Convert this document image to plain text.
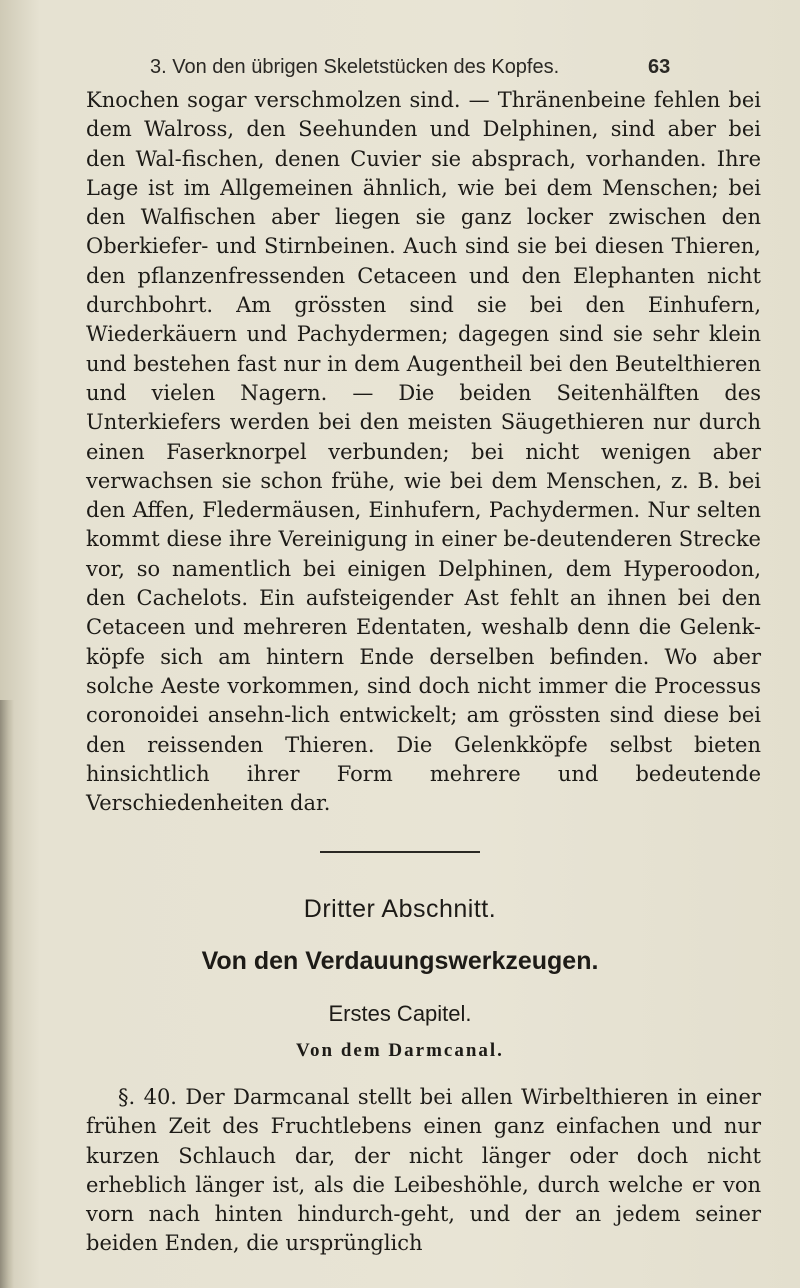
3. Von den übrigen Skeletstücken des Kopfes.	63

Knochen sogar verschmolzen sind. — Thränenbeine fehlen bei dem Walross, den Seehunden und Delphinen, sind aber bei den Wal-fischen, denen Cuvier sie absprach, vorhanden. Ihre Lage ist im Allgemeinen ähnlich, wie bei dem Menschen; bei den Walfischen aber liegen sie ganz locker zwischen den Oberkiefer- und Stirnbeinen. Auch sind sie bei diesen Thieren, den pflanzenfressenden Cetaceen und den Elephanten nicht durchbohrt. Am grössten sind sie bei den Einhufern, Wiederkäuern und Pachydermen; dagegen sind sie sehr klein und bestehen fast nur in dem Augentheil bei den Beutelthieren und vielen Nagern. — Die beiden Seitenhälften des Unterkiefers werden bei den meisten Säugethieren nur durch einen Faserknorpel verbunden; bei nicht wenigen aber verwachsen sie schon frühe, wie bei dem Menschen, z. B. bei den Affen, Fledermäusen, Einhufern, Pachydermen. Nur selten kommt diese ihre Vereinigung in einer be-deutenderen Strecke vor, so namentlich bei einigen Delphinen, dem Hyperoodon, den Cachelots. Ein aufsteigender Ast fehlt an ihnen bei den Cetaceen und mehreren Edentaten, weshalb denn die Gelenk-köpfe sich am hintern Ende derselben befinden. Wo aber solche Aeste vorkommen, sind doch nicht immer die Processus coronoidei ansehn-lich entwickelt; am grössten sind diese bei den reissenden Thieren. Die Gelenkköpfe selbst bieten hinsichtlich ihrer Form mehrere und bedeutende Verschiedenheiten dar.

Dritter Abschnitt.
Von den Verdauungswerkzeugen.
Erstes Capitel.
Von dem Darmcanal.

§. 40. Der Darmcanal stellt bei allen Wirbelthieren in einer frühen Zeit des Fruchtlebens einen ganz einfachen und nur kurzen Schlauch dar, der nicht länger oder doch nicht erheblich länger ist, als die Leibeshöhle, durch welche er von vorn nach hinten hindurch-geht, und der an jedem seiner beiden Enden, die ursprünglich
